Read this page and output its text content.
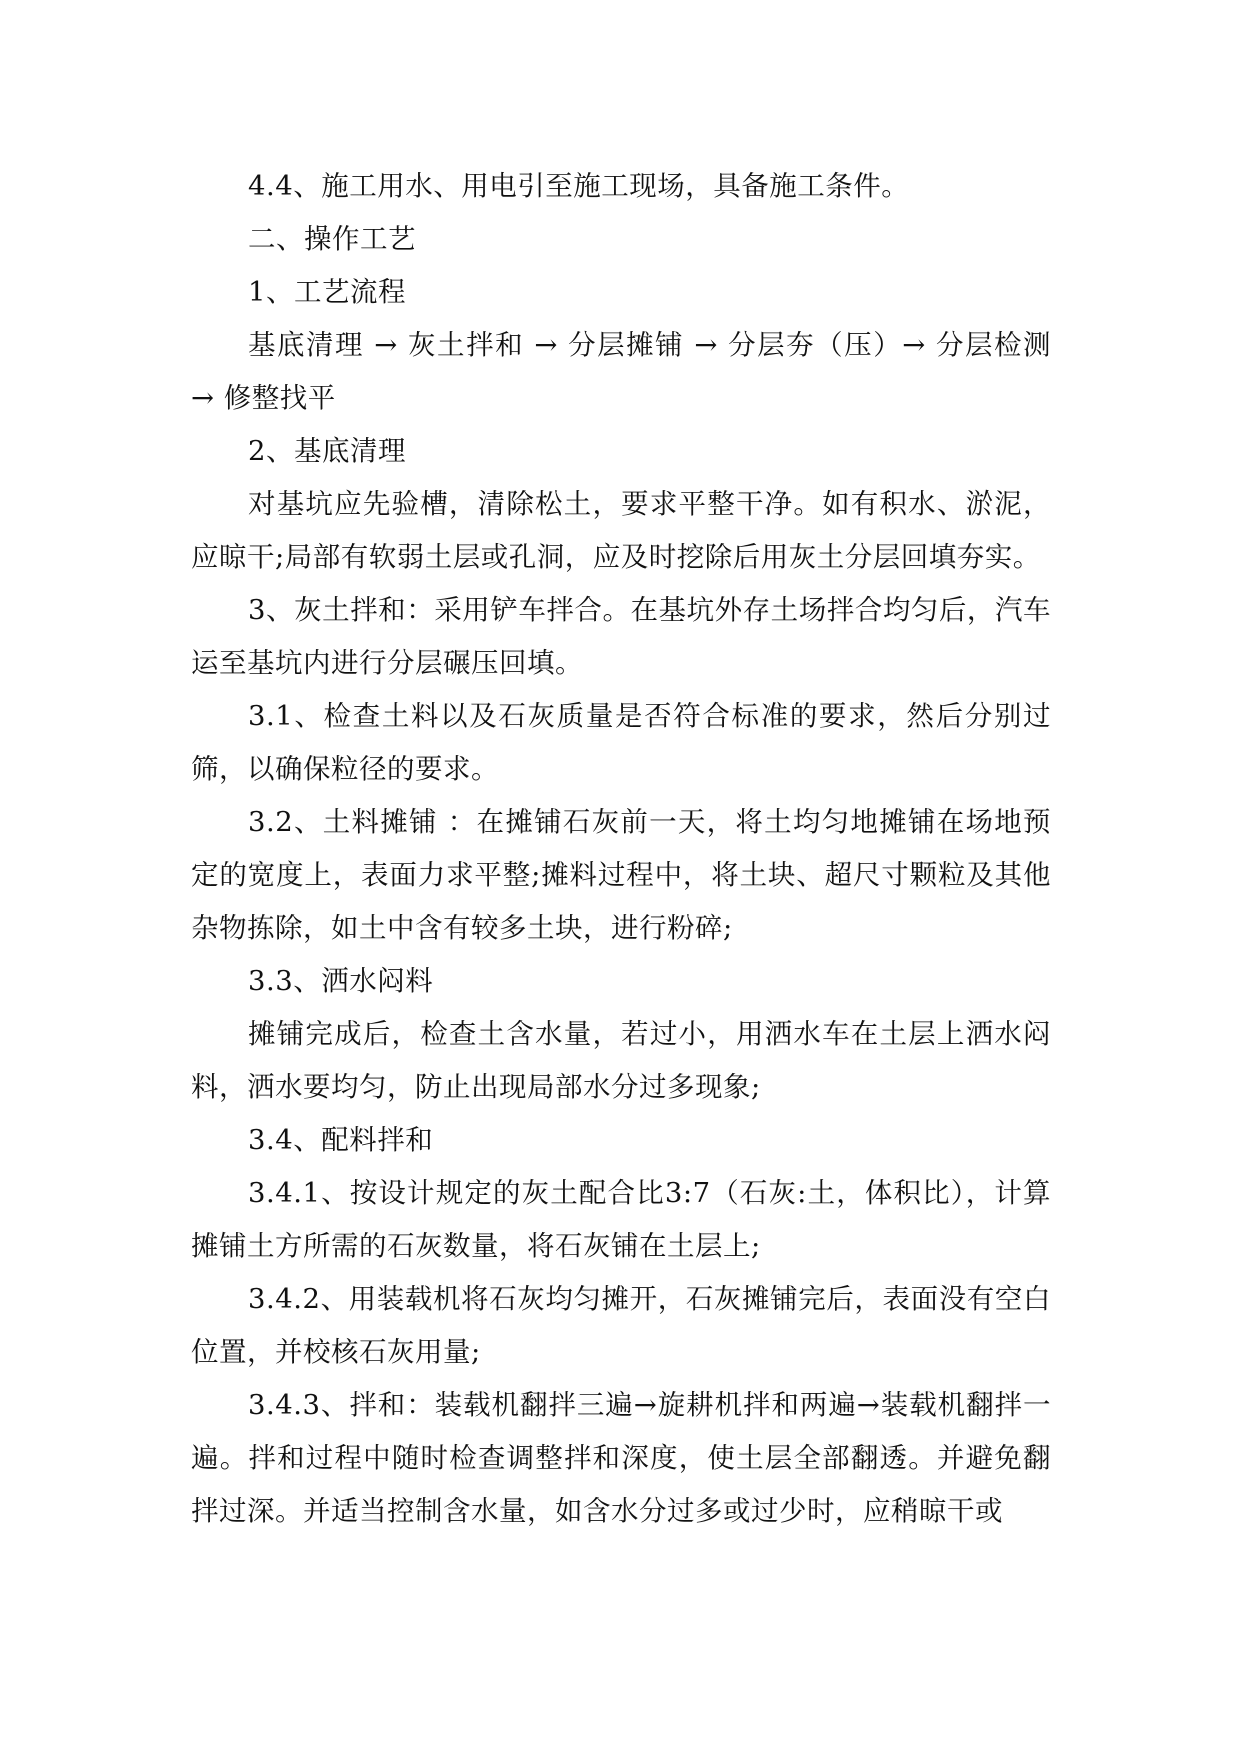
4.4、施工用水、用电引至施工现场，具备施工条件。

二、操作工艺

1、工艺流程

基底清理 → 灰土拌和 → 分层摊铺 → 分层夯（压）→ 分层检测 → 修整找平

2、基底清理

对基坑应先验槽，清除松土，要求平整干净。如有积水、淤泥，应晾干;局部有软弱土层或孔洞，应及时挖除后用灰土分层回填夯实。

3、灰土拌和：采用铲车拌合。在基坑外存土场拌合均匀后，汽车运至基坑内进行分层碾压回填。

3.1、检查土料以及石灰质量是否符合标准的要求，然后分别过筛，以确保粒径的要求。

3.2、土料摊铺 ：在摊铺石灰前一天，将土均匀地摊铺在场地预定的宽度上，表面力求平整;摊料过程中，将土块、超尺寸颗粒及其他杂物拣除，如土中含有较多土块，进行粉碎;

3.3、洒水闷料

摊铺完成后，检查土含水量，若过小，用洒水车在土层上洒水闷料，洒水要均匀，防止出现局部水分过多现象;

3.4、配料拌和

3.4.1、按设计规定的灰土配合比3:7（石灰:土，体积比），计算摊铺土方所需的石灰数量，将石灰铺在土层上;

3.4.2、用装载机将石灰均匀摊开，石灰摊铺完后，表面没有空白位置，并校核石灰用量;

3.4.3、拌和：装载机翻拌三遍→旋耕机拌和两遍→装载机翻拌一遍。拌和过程中随时检查调整拌和深度，使土层全部翻透。并避免翻拌过深。并适当控制含水量，如含水分过多或过少时，应稍晾干或
